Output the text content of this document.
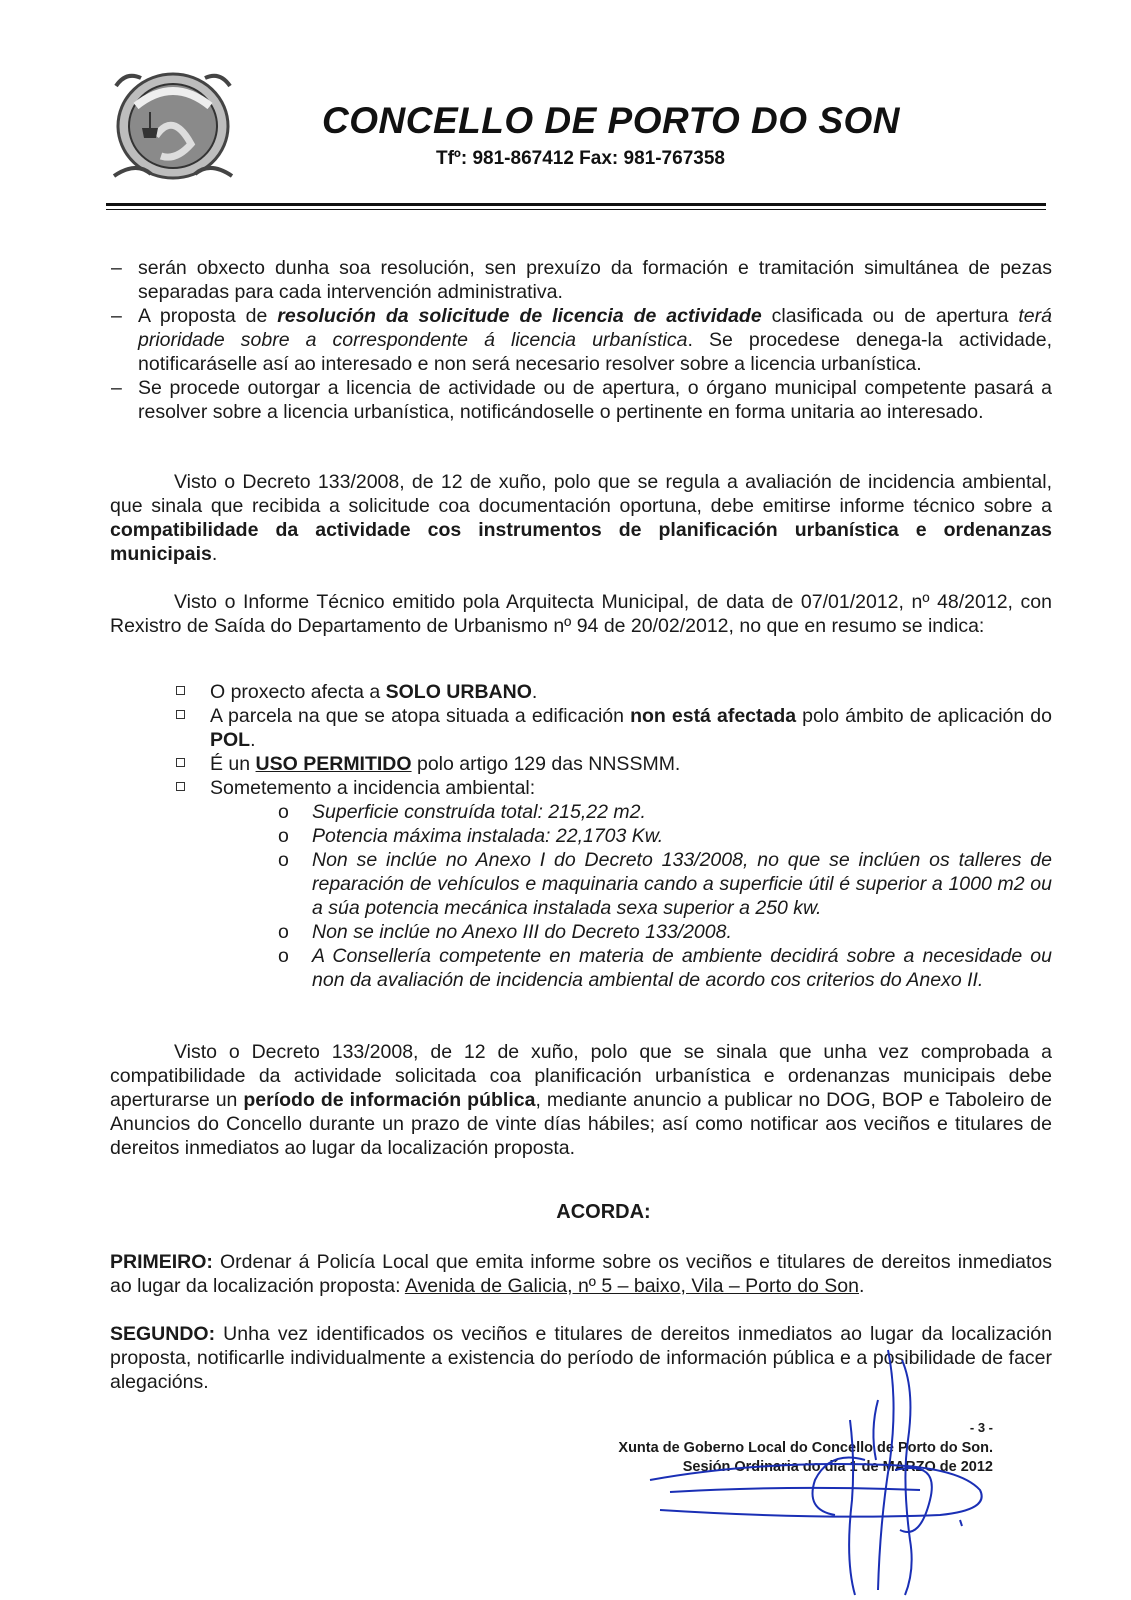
CONCELLO DE PORTO DO SON
Tfº: 981-867412 Fax: 981-767358
– serán obxecto dunha soa resolución, sen prexuízo da formación e tramitación simultánea de pezas separadas para cada intervención administrativa.
– A proposta de resolución da solicitude de licencia de actividade clasificada ou de apertura terá prioridade sobre a correspondente á licencia urbanística. Se procedese denega-la actividade, notificaráselle así ao interesado e non será necesario resolver sobre a licencia urbanística.
– Se procede outorgar a licencia de actividade ou de apertura, o órgano municipal competente pasará a resolver sobre a licencia urbanística, notificándoselle o pertinente en forma unitaria ao interesado.
Visto o Decreto 133/2008, de 12 de xuño, polo que se regula a avaliación de incidencia ambiental, que sinala que recibida a solicitude coa documentación oportuna, debe emitirse informe técnico sobre a compatibilidade da actividade cos instrumentos de planificación urbanística e ordenanzas municipais.
Visto o Informe Técnico emitido pola Arquitecta Municipal, de data de 07/01/2012, nº 48/2012, con Rexistro de Saída do Departamento de Urbanismo nº 94 de 20/02/2012, no que en resumo se indica:
O proxecto afecta a SOLO URBANO.
A parcela na que se atopa situada a edificación non está afectada polo ámbito de aplicación do POL.
É un USO PERMITIDO polo artigo 129 das NNSSMM.
Sometemento a incidencia ambiental:
o Superficie construída total: 215,22 m2.
o Potencia máxima instalada: 22,1703 Kw.
o Non se inclúe no Anexo I do Decreto 133/2008, no que se inclúen os talleres de reparación de vehículos e maquinaria cando a superficie útil é superior a 1000 m2 ou a súa potencia mecánica instalada sexa superior a 250 kw.
o Non se inclúe no Anexo III do Decreto 133/2008.
o A Consellería competente en materia de ambiente decidirá sobre a necesidade ou non da avaliación de incidencia ambiental de acordo cos criterios do Anexo II.
Visto o Decreto 133/2008, de 12 de xuño, polo que se sinala que unha vez comprobada a compatibilidade da actividade solicitada coa planificación urbanística e ordenanzas municipais debe aperturarse un período de información pública, mediante anuncio a publicar no DOG, BOP e Taboleiro de Anuncios do Concello durante un prazo de vinte días hábiles; así como notificar aos veciños e titulares de dereitos inmediatos ao lugar da localización proposta.
ACORDA:
PRIMEIRO: Ordenar á Policía Local que emita informe sobre os veciños e titulares de dereitos inmediatos ao lugar da localización proposta: Avenida de Galicia, nº 5 – baixo, Vila – Porto do Son.
SEGUNDO: Unha vez identificados os veciños e titulares de dereitos inmediatos ao lugar da localización proposta, notificarlle individualmente a existencia do período de información pública e a posibilidade de facer alegacións.
- 3 -
Xunta de Goberno Local do Concello de Porto do Son.
Sesión Ordinaria do día 1 de MARZO de 2012
